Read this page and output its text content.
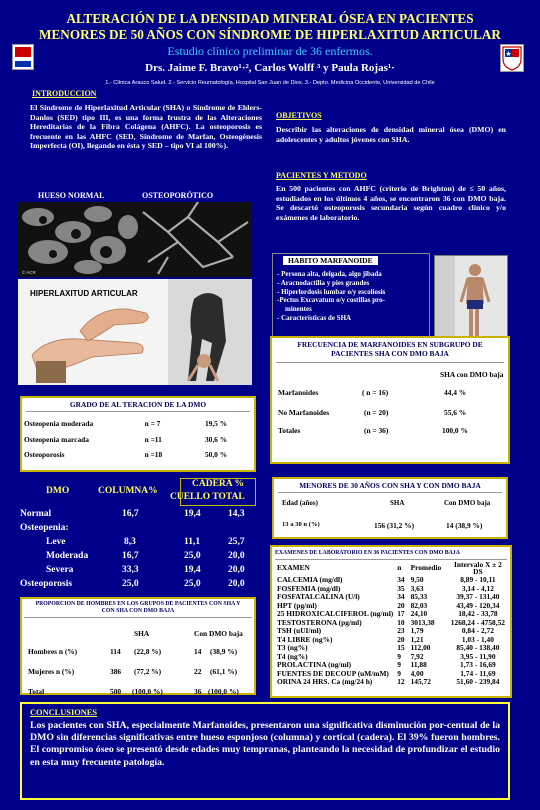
ALTERACIÓN DE LA DENSIDAD MINERAL ÓSEA EN PACIENTES
MENORES DE 50 AÑOS CON SÍNDROME DE HIPERLAXITUD ARTICULAR
Estudio clínico preliminar de 36 enfermos.
Drs. Jaime F. Bravo¹·², Carlos Wolff ³ y Paula Rojas¹·
1.- Clínica Arauco Salud. 2.- Servicio Reumatología, Hospital San Juan de Dios. 3.- Depto. Medicina Occidente, Universidad de Chile
INTRODUCCION
El Síndrome de Hiperlaxitud Articular (SHA) o Síndrome de Ehlers-Danlos (SED) tipo III, es una forma frustra de las Alteraciones Hereditarias de la Fibra Colágena (AHFC). La osteoporosis es frecuente en las AHFC (SED, Síndrome de Marfan, Osteogénesis Imperfecta (OI), llegando en ésta y SED – tipo VI al 100%).
HUESO NORMAL	OSTEOPORÓTICO
© ACR
HIPERLAXITUD ARTICULAR
OBJETIVOS
Describir las alteraciones de densidad mineral ósea (DMO) en adolescentes y adultos jóvenes con SHA.
PACIENTES Y METODO
En 500 pacientes con AHFC (criterio de Brighton) de ≤ 50 años, estudiados en los últimos 4 años, se encontraron 36 con DMO baja. Se descartó osteoporosis secundaria según cuadro clínico y/o exámenes de laboratorio.
HABITO MARFANOIDE
- Persona alta, delgada, algo jibada
- Aracnodactilia y pies grandes
- Hiperlordosis lumbar o/y escoliosis
-Pectus Excavatum o/y costillas pro-
minentes
- Características de SHA
FRECUENCIA DE MARFANOIDES EN SUBGRUPO DE PACIENTES SHA CON DMO BAJA
SHA con DMO baja
Marfanoides	( n = 16)	44,4 %
No Marfanoides	(n = 20)	55,6 %
Totales	(n = 36)	100,0 %
GRADO DE AL TERACION DE LA DMO
Osteopenia moderada	n = 7	19,5 %
Osteopenia marcada	n =11	30,6 %
Osteoporosis	n =18	50,0 %
DMO	COLUMNA%
CADERA %
CUELLO TOTAL
Normal	16,7	19,4	14,3
Osteopenia:
Leve	8,3	11,1	25,7
Moderada	16,7	25,0	20,0
Severa	33,3	19,4	20,0
Osteoporosis	25,0	25,0	20,0
MENORES DE 30 AÑOS CON SHA Y CON DMO BAJA
Edad (años)	SHA	Con DMO baja
13 a 30 n (%)	156 (31,2 %)	14 (38,9 %)
PROPORCION DE HOMBRES EN LOS GRUPOS DE PACIENTES CON SHA Y CON SHA CON DMO BAJA
SHA	Con DMO baja
Hombres n (%)	114 (22,8 %)	14 (38,9 %)
Mujeres n (%)	386 (77,2 %)	22 (61,1 %)
Total	500 (100,0 %)	36 (100,0 %)
EXAMENES DE LABORATORIO EN 36 PACIENTES CON DMO BAJA
EXAMEN	n	Promedio	Intervalo X ± 2 DS
CALCEMIA (mg/dl)	34	9,50	8,89 - 10,11
FOSFEMIA (mg/dl)	35	3,63	3,14 - 4,12
FOSFATALCALINA (U/l)	34	85,33	39,37 - 131,40
HPT (pg/ml)	20	82,03	43,49 - 120,34
25 HIDROXICALCIFEROL (ng/ml)	17	24,10	18,42 - 33,78
TESTOSTERONA (pg/ml)	10	3013,38	1268,24 - 4758,52
TSH (uUI/ml)	23	1,79	0,84 - 2,72
T4 LIBRE (ng%)	20	1,21	1,03 - 1,40
T3 (ng%)	15	112,00	85,40 - 138,40
T4 (ng%)	9	7,92	3,95 - 11,90
PROLACTINA (ng/ml)	9	11,88	1,73 - 16,69
FUENTES DE DECOUP (uM/mM)	9	4,00	1,74 - 11,69
ORINA 24 HRS. Ca (mg/24 h)	12	145,72	51,60 - 239,84
CONCLUSIONES
Los pacientes con SHA, especialmente Marfanoides, presentaron una significativa disminución por-centual de la DMO sin diferencias significativas entre hueso esponjoso (columna) y cortical (cadera). El 39% fueron hombres. El compromiso óseo se presentó desde edades muy tempranas, planteando la necesidad de profundizar el estudio en esta muy frecuente patología.
